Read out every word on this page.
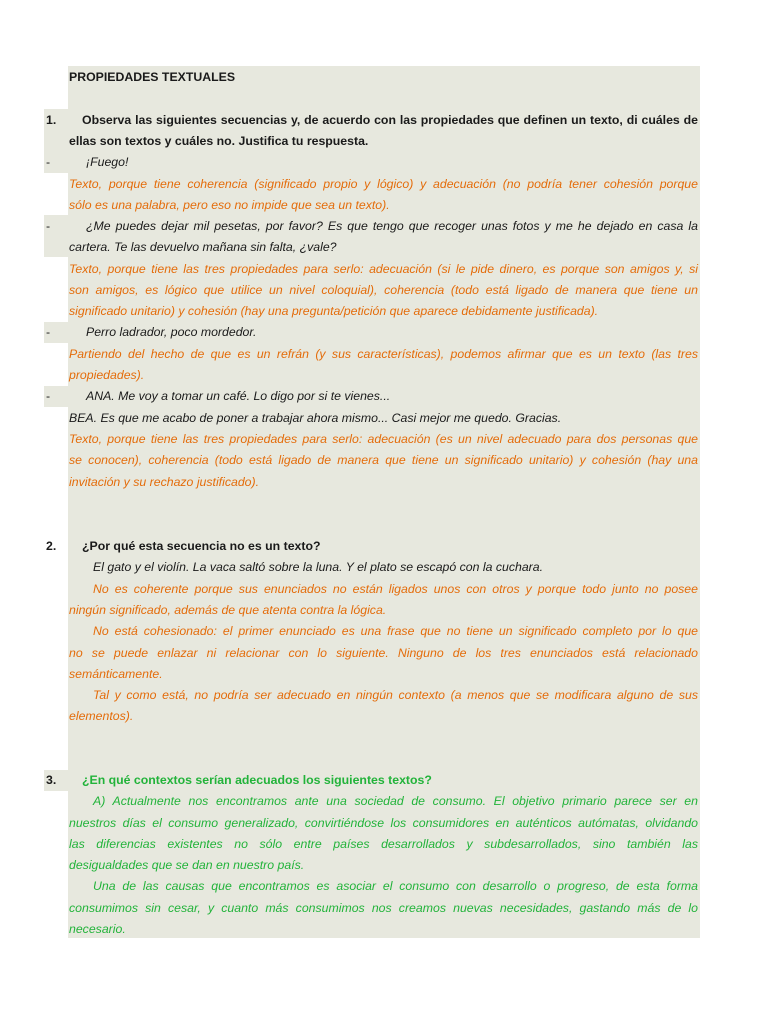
PROPIEDADES TEXTUALES
1.	Observa las siguientes secuencias y, de acuerdo con las propiedades que definen un texto, di cuáles de
ellas son textos y cuáles no. Justifica tu respuesta.
-	¡Fuego!
Texto, porque tiene coherencia (significado propio y lógico) y adecuación (no podría tener cohesión porque
sólo es una palabra, pero eso no impide que sea un texto).
-	¿Me puedes dejar mil pesetas, por favor? Es que tengo que recoger unas fotos y me he dejado en casa la
cartera. Te las devuelvo mañana sin falta, ¿vale?
Texto, porque tiene las tres propiedades para serlo: adecuación (si le pide dinero, es porque son amigos y, si
son amigos, es lógico que utilice un nivel coloquial), coherencia (todo está ligado de manera que tiene un
significado unitario) y cohesión (hay una pregunta/petición que aparece debidamente justificada).
-	Perro ladrador, poco mordedor.
Partiendo del hecho de que es un refrán (y sus características), podemos afirmar que es un texto (las tres
propiedades).
-	ANA. Me voy a tomar un café. Lo digo por si te vienes...
BEA. Es que me acabo de poner a trabajar ahora mismo... Casi mejor me quedo. Gracias.
Texto, porque tiene las tres propiedades para serlo: adecuación (es un nivel adecuado para dos personas que
se conocen), coherencia (todo está ligado de manera que tiene un significado unitario) y cohesión (hay una
invitación y su rechazo justificado).
2.	¿Por qué esta secuencia no es un texto?
El gato y el violín. La vaca saltó sobre la luna. Y el plato se escapó con la cuchara.
No es coherente porque sus enunciados no están ligados unos con otros y porque todo junto no posee
ningún significado, además de que atenta contra la lógica.
No está cohesionado: el primer enunciado es una frase que no tiene un significado completo por lo que
no se puede enlazar ni relacionar con lo siguiente. Ninguno de los tres enunciados está relacionado
semánticamente.
Tal y como está, no podría ser adecuado en ningún contexto (a menos que se modificara alguno de sus
elementos).
3.	¿En qué contextos serían adecuados los siguientes textos?
A) Actualmente nos encontramos ante una sociedad de consumo. El objetivo primario parece ser en
nuestros días el consumo generalizado, convirtiéndose los consumidores en auténticos autómatas, olvidando
las diferencias existentes no sólo entre países desarrollados y subdesarrollados, sino también las
desigualdades que se dan en nuestro país.
Una de las causas que encontramos es asociar el consumo con desarrollo o progreso, de esta forma
consumimos sin cesar, y cuanto más consumimos nos creamos nuevas necesidades, gastando más de lo
necesario.
